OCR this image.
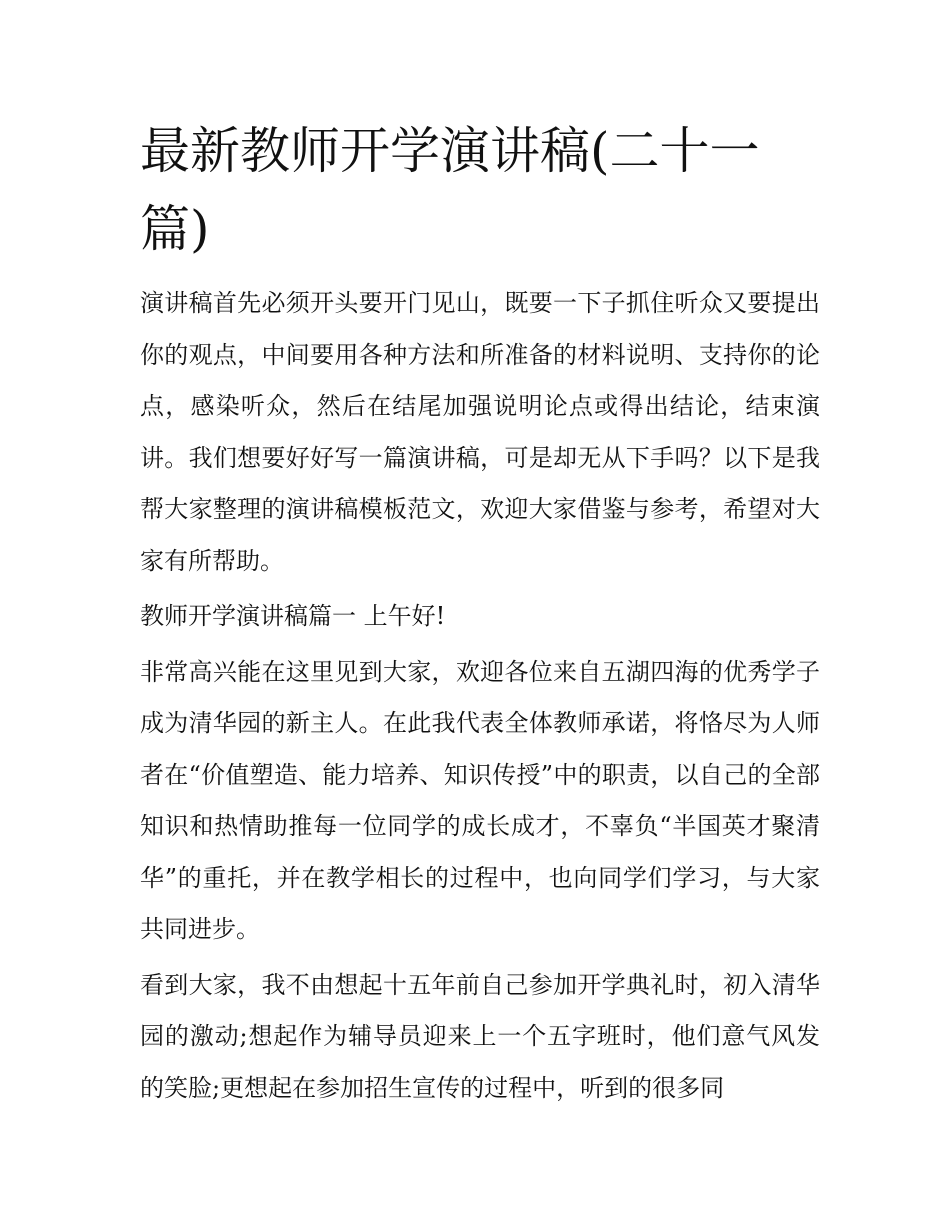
最新教师开学演讲稿(二十一篇)

演讲稿首先必须开头要开门见山，既要一下子抓住听众又要提出你的观点，中间要用各种方法和所准备的材料说明、支持你的论点，感染听众，然后在结尾加强说明论点或得出结论，结束演讲。我们想要好好写一篇演讲稿，可是却无从下手吗？以下是我帮大家整理的演讲稿模板范文，欢迎大家借鉴与参考，希望对大家有所帮助。

教师开学演讲稿篇一 上午好!

非常高兴能在这里见到大家，欢迎各位来自五湖四海的优秀学子成为清华园的新主人。在此我代表全体教师承诺，将恪尽为人师者在“价值塑造、能力培养、知识传授”中的职责，以自己的全部知识和热情助推每一位同学的成长成才，不辜负“半国英才聚清华”的重托，并在教学相长的过程中，也向同学们学习，与大家共同进步。

看到大家，我不由想起十五年前自己参加开学典礼时，初入清华园的激动;想起作为辅导员迎来上一个五字班时，他们意气风发的笑脸;更想起在参加招生宣传的过程中，听到的很多同
